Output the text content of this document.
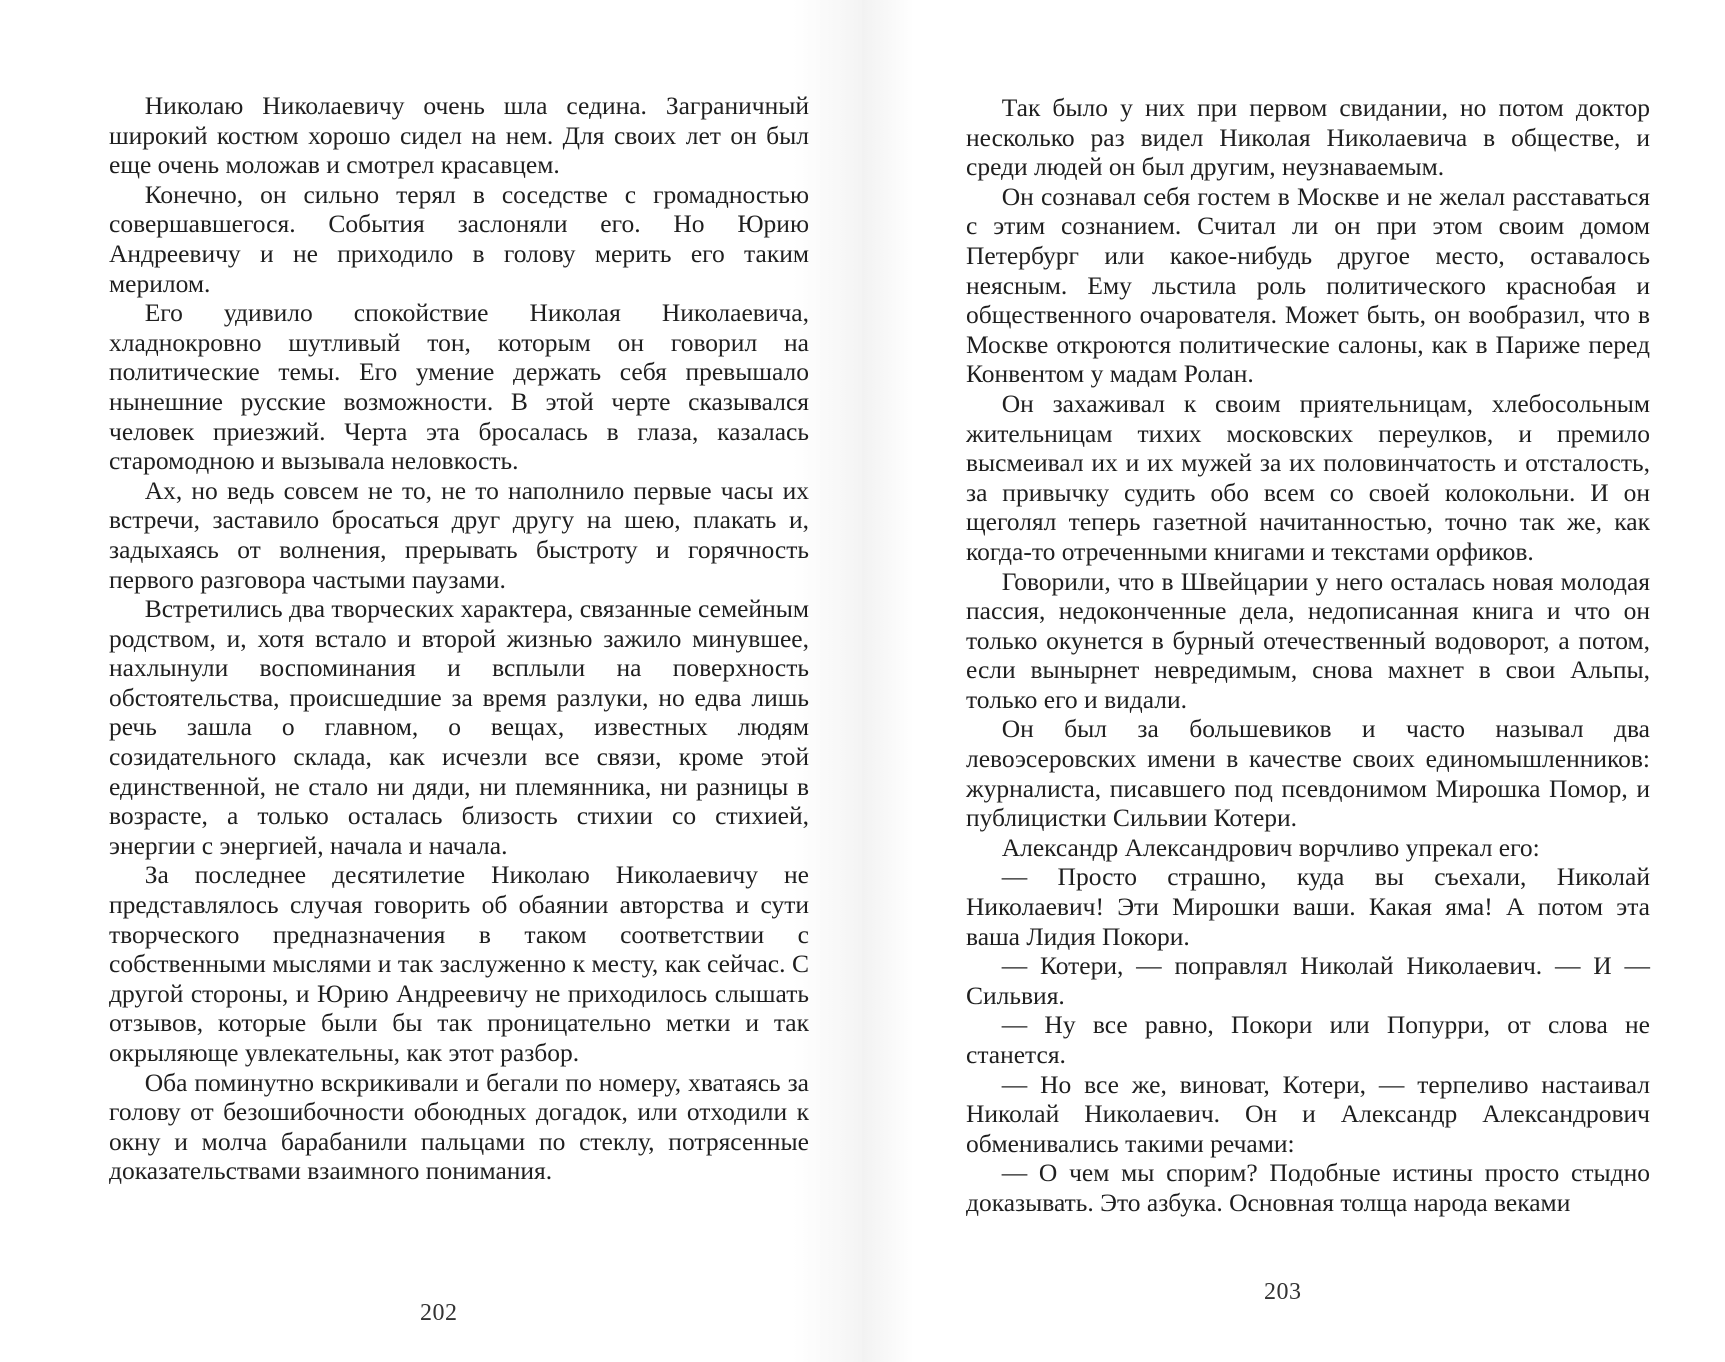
Николаю Николаевичу очень шла седина. Заграничный широкий костюм хорошо сидел на нем. Для своих лет он был еще очень моложав и смотрел красавцем.

Конечно, он сильно терял в соседстве с громадностью совершавшегося. События заслоняли его. Но Юрию Андреевичу и не приходило в голову мерить его таким мерилом.

Его удивило спокойствие Николая Николаевича, хладнокровно шутливый тон, которым он говорил на политические темы. Его умение держать себя превышало нынешние русские возможности. В этой черте сказывался человек приезжий. Черта эта бросалась в глаза, казалась старомодною и вызывала неловкость.

Ах, но ведь совсем не то, не то наполнило первые часы их встречи, заставило бросаться друг другу на шею, плакать и, задыхаясь от волнения, прерывать быстроту и горячность первого разговора частыми паузами.

Встретились два творческих характера, связанные семейным родством, и, хотя встало и второй жизнью зажило минувшее, нахлынули воспоминания и всплыли на поверхность обстоятельства, происшедшие за время разлуки, но едва лишь речь зашла о главном, о вещах, известных людям созидательного склада, как исчезли все связи, кроме этой единственной, не стало ни дяди, ни племянника, ни разницы в возрасте, а только осталась близость стихии со стихией, энергии с энергией, начала и начала.

За последнее десятилетие Николаю Николаевичу не представлялось случая говорить об обаянии авторства и сути творческого предназначения в таком соответствии с собственными мыслями и так заслуженно к месту, как сейчас. С другой стороны, и Юрию Андреевичу не приходилось слышать отзывов, которые были бы так проницательно метки и так окрыляюще увлекательны, как этот разбор.

Оба поминутно вскрикивали и бегали по номеру, хватаясь за голову от безошибочности обоюдных догадок, или отходили к окну и молча барабанили пальцами по стеклу, потрясенные доказательствами взаимного понимания.

202

Так было у них при первом свидании, но потом доктор несколько раз видел Николая Николаевича в обществе, и среди людей он был другим, неузнаваемым.

Он сознавал себя гостем в Москве и не желал расставаться с этим сознанием. Считал ли он при этом своим домом Петербург или какое-нибудь другое место, оставалось неясным. Ему льстила роль политического краснобая и общественного очарователя. Может быть, он вообразил, что в Москве откроются политические салоны, как в Париже перед Конвентом у мадам Ролан.

Он захаживал к своим приятельницам, хлебосольным жительницам тихих московских переулков, и премило высмеивал их и их мужей за их половинчатость и отсталость, за привычку судить обо всем со своей колокольни. И он щеголял теперь газетной начитанностью, точно так же, как когда-то отреченными книгами и текстами орфиков.

Говорили, что в Швейцарии у него осталась новая молодая пассия, недоконченные дела, недописанная книга и что он только окунется в бурный отечественный водоворот, а потом, если вынырнет невредимым, снова махнет в свои Альпы, только его и видали.

Он был за большевиков и часто называл два левоэсеровских имени в качестве своих единомышленников: журналиста, писавшего под псевдонимом Мирошка Помор, и публицистки Сильвии Котери.

Александр Александрович ворчливо упрекал его:

— Просто страшно, куда вы съехали, Николай Николаевич! Эти Мирошки ваши. Какая яма! А потом эта ваша Лидия Покори.

— Котери, — поправлял Николай Николаевич. — И — Сильвия.

— Ну все равно, Покори или Попурри, от слова не станется.

— Но все же, виноват, Котери, — терпеливо настаивал Николай Николаевич. Он и Александр Александрович обменивались такими речами:

— О чем мы спорим? Подобные истины просто стыдно доказывать. Это азбука. Основная толща народа веками

203
